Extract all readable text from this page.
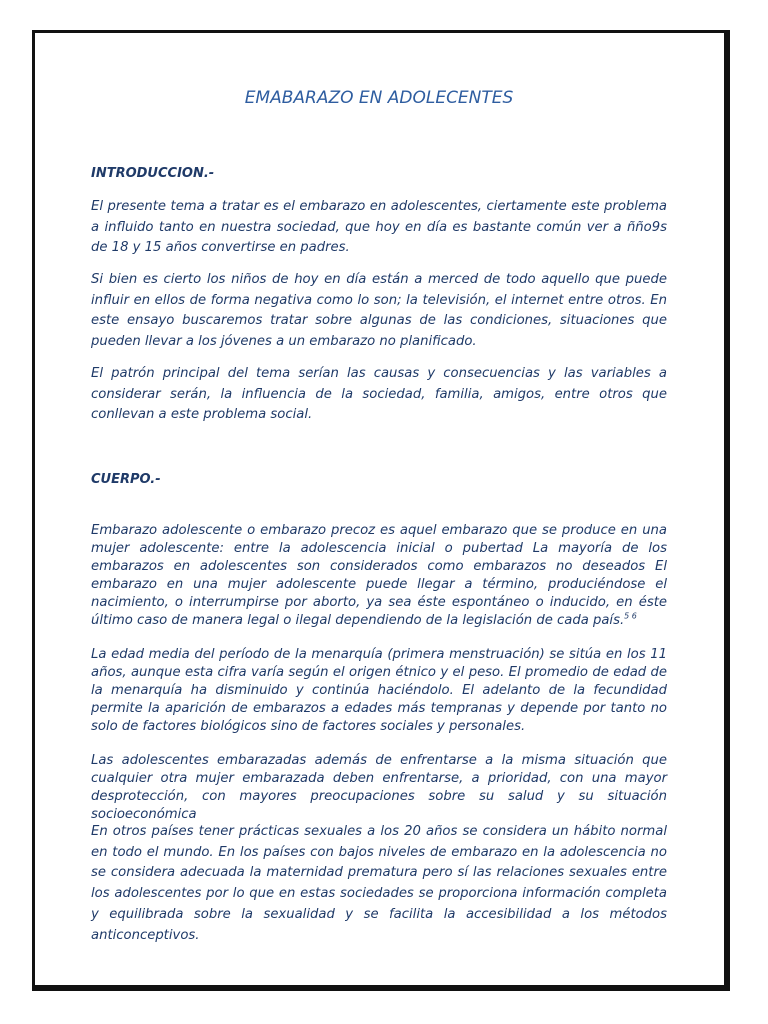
EMABARAZO EN ADOLECENTES

INTRODUCCION.-

El presente tema a tratar es el embarazo en adolescentes, ciertamente este problema a influido tanto en nuestra sociedad, que hoy en día es bastante común ver a ñño9s de 18 y 15 años convertirse en padres.

Si bien es cierto los niños de hoy en día están a merced de todo aquello que puede influir en ellos de forma negativa como lo son; la televisión, el internet entre otros. En este ensayo buscaremos tratar sobre algunas de las condiciones, situaciones que pueden llevar a los jóvenes a un embarazo no planificado.

El patrón principal del tema serían las causas y consecuencias y las variables a considerar serán, la influencia de la sociedad, familia, amigos, entre otros que conllevan a este problema social.

CUERPO.-

Embarazo adolescente o embarazo precoz es aquel embarazo que se produce en una mujer adolescente: entre la adolescencia inicial o pubertad La mayoría de los embarazos en adolescentes son considerados como embarazos no deseados El embarazo en una mujer adolescente puede llegar a término, produciéndose el nacimiento, o interrumpirse por aborto, ya sea éste espontáneo o inducido, en éste último caso de manera legal o ilegal dependiendo de la legislación de cada país.$^{5 6}$

La edad media del período de la menarquía (primera menstruación) se sitúa en los 11 años, aunque esta cifra varía según el origen étnico y el peso. El promedio de edad de la menarquía ha disminuido y continúa haciéndolo. El adelanto de la fecundidad permite la aparición de embarazos a edades más tempranas y depende por tanto no solo de factores biológicos sino de factores sociales y personales.

Las adolescentes embarazadas además de enfrentarse a la misma situación que cualquier otra mujer embarazada deben enfrentarse, a prioridad, con una mayor desprotección, con mayores preocupaciones sobre su salud y su situación socioeconómica

En otros países tener prácticas sexuales a los 20 años se considera un hábito normal en todo el mundo. En los países con bajos niveles de embarazo en la adolescencia no se considera adecuada la maternidad prematura pero sí las relaciones sexuales entre los adolescentes por lo que en estas sociedades se proporciona información completa y equilibrada sobre la sexualidad y se facilita la accesibilidad a los métodos anticonceptivos.
